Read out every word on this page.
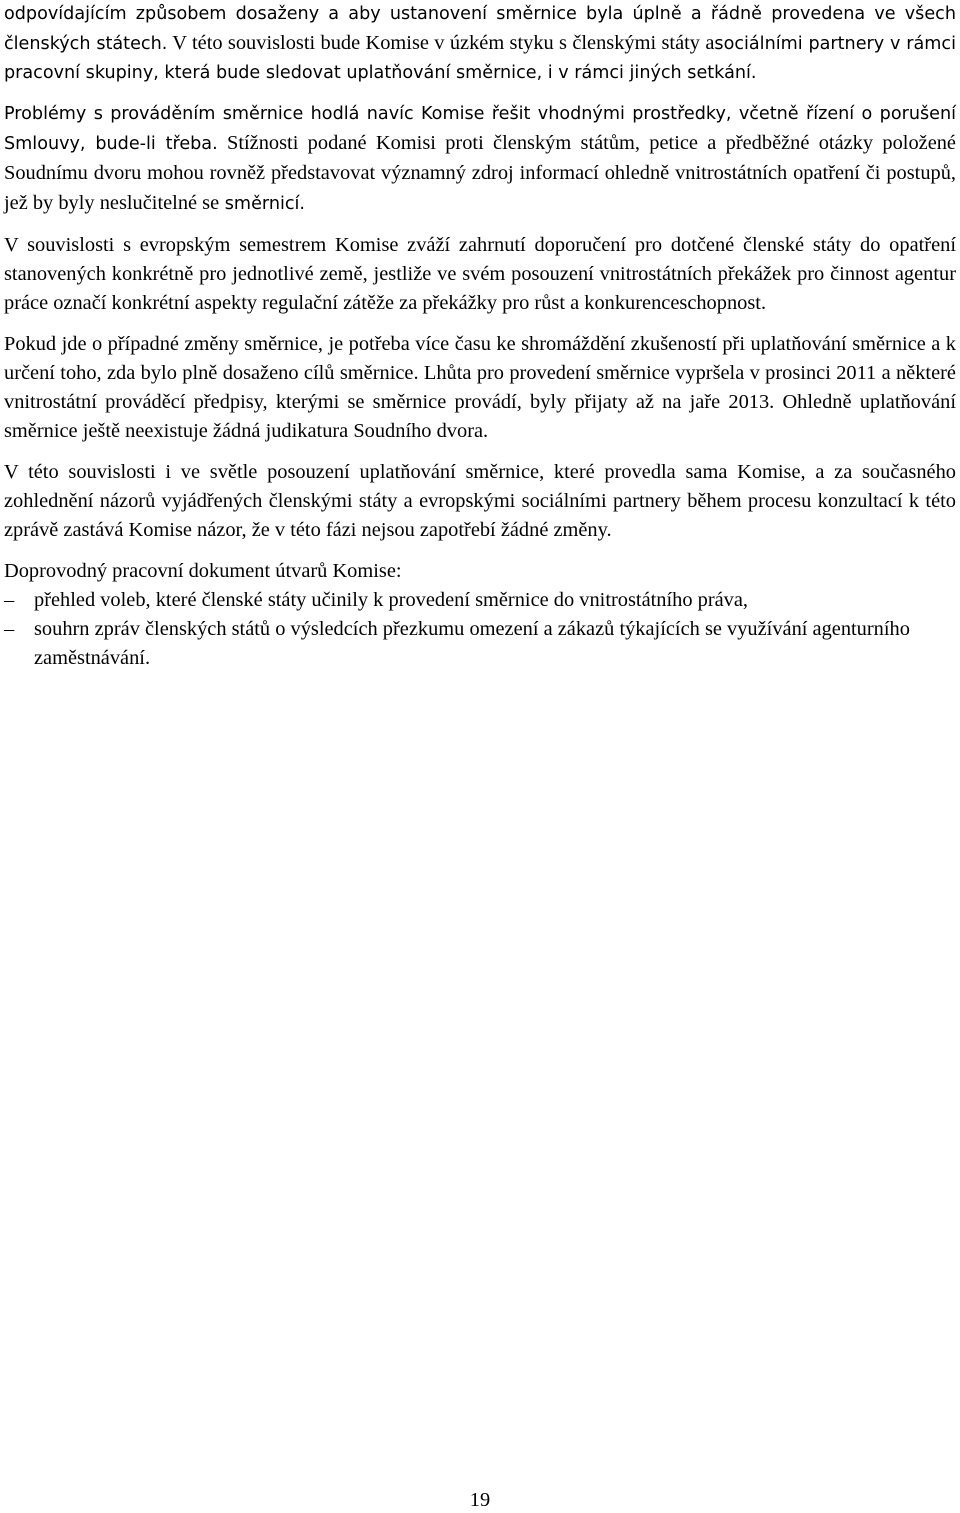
odpovídajícím způsobem dosaženy a aby ustanovení směrnice byla úplně a řádně provedena ve všech členských státech. V této souvislosti bude Komise v úzkém styku s členskými státy asociálními partnery v rámci pracovní skupiny, která bude sledovat uplatňování směrnice, i v rámci jiných setkání.

Problémy s prováděním směrnice hodlá navíc Komise řešit vhodnými prostředky, včetně řízení o porušení Smlouvy, bude-li třeba. Stížnosti podané Komisi proti členským státům, petice a předběžné otázky položené Soudnímu dvoru mohou rovněž představovat významný zdroj informací ohledně vnitrostátních opatření či postupů, jež by byly neslučitelné se směrnicí.

V souvislosti s evropským semestrem Komise zváží zahrnutí doporučení pro dotčené členské státy do opatření stanovených konkrétně pro jednotlivé země, jestliže ve svém posouzení vnitrostátních překážek pro činnost agentur práce označí konkrétní aspekty regulační zátěže za překážky pro růst a konkurenceschopnost.

Pokud jde o případné změny směrnice, je potřeba více času ke shromáždění zkušeností při uplatňování směrnice a k určení toho, zda bylo plně dosaženo cílů směrnice. Lhůta pro provedení směrnice vypršela v prosinci 2011 a některé vnitrostátní prováděcí předpisy, kterými se směrnice provádí, byly přijaty až na jaře 2013. Ohledně uplatňování směrnice ještě neexistuje žádná judikatura Soudního dvora.

V této souvislosti i ve světle posouzení uplatňování směrnice, které provedla sama Komise, a za současného zohlednění názorů vyjádřených členskými státy a evropskými sociálními partnery během procesu konzultací k této zprávě zastává Komise názor, že v této fázi nejsou zapotřebí žádné změny.

Doprovodný pracovní dokument útvarů Komise:

– přehled voleb, které členské státy učinily k provedení směrnice do vnitrostátního práva,
– souhrn zpráv členských států o výsledcích přezkumu omezení a zákazů týkajících se využívání agenturního zaměstnávání.
19
